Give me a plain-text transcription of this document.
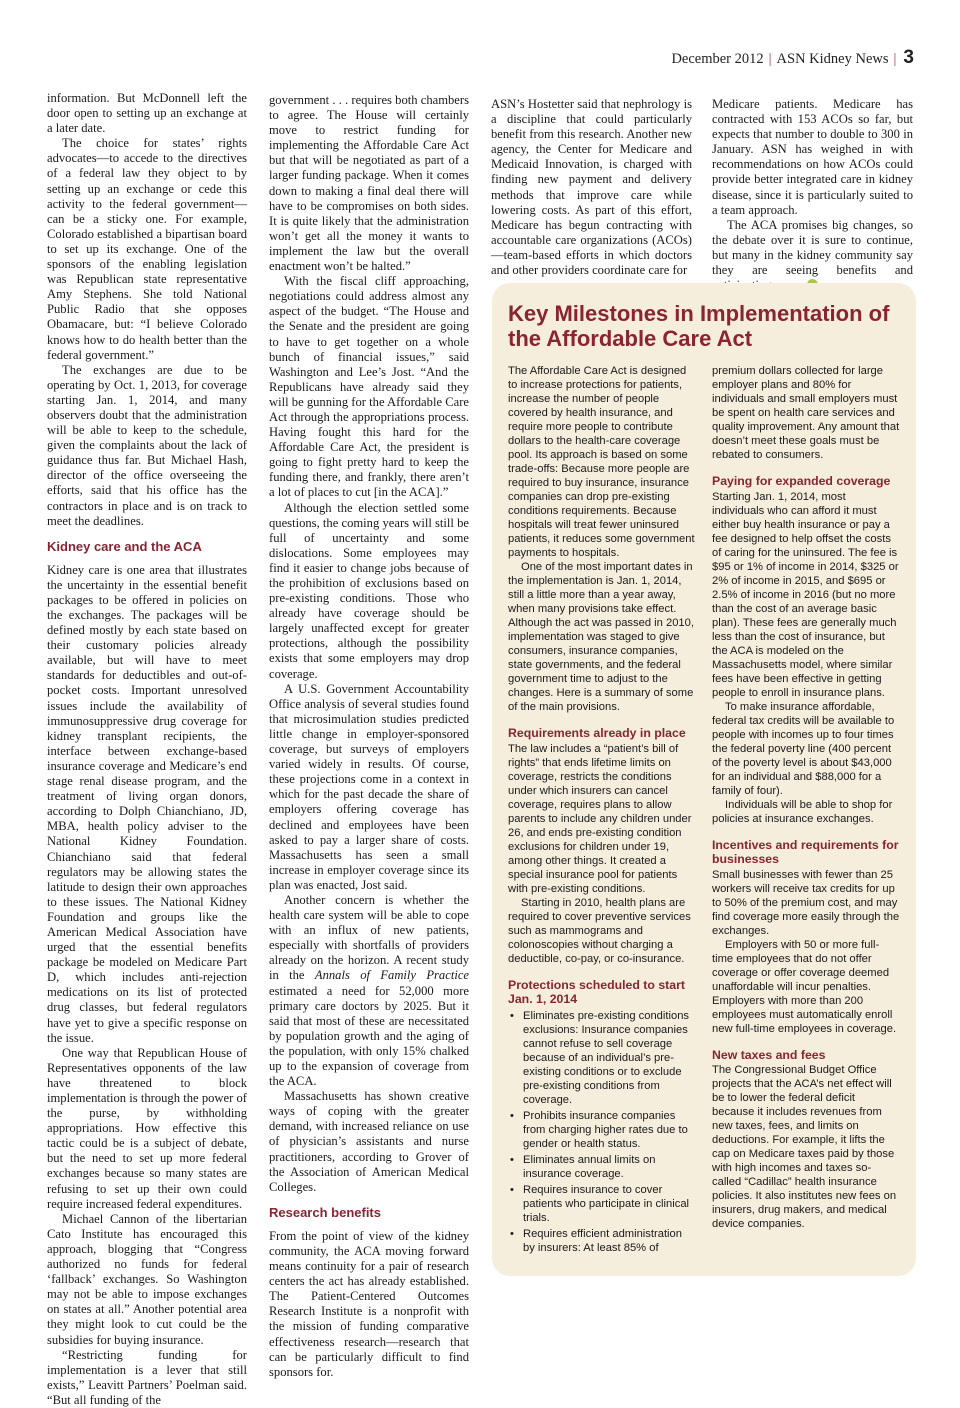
December 2012 | ASN Kidney News | 3

information. But McDonnell left the door open to setting up an exchange at a later date.

The choice for states’ rights advocates—to accede to the directives of a federal law they object to by setting up an exchange or cede this activity to the federal government—can be a sticky one. For example, Colorado established a bipartisan board to set up its exchange. One of the sponsors of the enabling legislation was Republican state representative Amy Stephens. She told National Public Radio that she opposes Obamacare, but: “I believe Colorado knows how to do health better than the federal government.”

The exchanges are due to be operating by Oct. 1, 2013, for coverage starting Jan. 1, 2014, and many observers doubt that the administration will be able to keep to the schedule, given the complaints about the lack of guidance thus far. But Michael Hash, director of the office overseeing the efforts, said that his office has the contractors in place and is on track to meet the deadlines.

Kidney care and the ACA

Kidney care is one area that illustrates the uncertainty in the essential benefit packages to be offered in policies on the exchanges. The packages will be defined mostly by each state based on their customary policies already available, but will have to meet standards for deductibles and out-of-pocket costs. Important unresolved issues include the availability of immunosuppressive drug coverage for kidney transplant recipients, the interface between exchange-based insurance coverage and Medicare’s end stage renal disease program, and the treatment of living organ donors, according to Dolph Chianchiano, JD, MBA, health policy adviser to the National Kidney Foundation. Chianchiano said that federal regulators may be allowing states the latitude to design their own approaches to these issues. The National Kidney Foundation and groups like the American Medical Association have urged that the essential benefits package be modeled on Medicare Part D, which includes anti-rejection medications on its list of protected drug classes, but federal regulators have yet to give a specific response on the issue.

One way that Republican House of Representatives opponents of the law have threatened to block implementation is through the power of the purse, by withholding appropriations. How effective this tactic could be is a subject of debate, but the need to set up more federal exchanges because so many states are refusing to set up their own could require increased federal expenditures.

Michael Cannon of the libertarian Cato Institute has encouraged this approach, blogging that “Congress authorized no funds for federal ‘fallback’ exchanges. So Washington may not be able to impose exchanges on states at all.” Another potential area they might look to cut could be the subsidies for buying insurance.

“Restricting funding for implementation is a lever that still exists,” Leavitt Partners’ Poelman said. “But all funding of the

government . . . requires both chambers to agree. The House will certainly move to restrict funding for implementing the Affordable Care Act but that will be negotiated as part of a larger funding package. When it comes down to making a final deal there will have to be compromises on both sides. It is quite likely that the administration won’t get all the money it wants to implement the law but the overall enactment won’t be halted.”

With the fiscal cliff approaching, negotiations could address almost any aspect of the budget. “The House and the Senate and the president are going to have to get together on a whole bunch of financial issues,” said Washington and Lee’s Jost. “And the Republicans have already said they will be gunning for the Affordable Care Act through the appropriations process. Having fought this hard for the Affordable Care Act, the president is going to fight pretty hard to keep the funding there, and frankly, there aren’t a lot of places to cut [in the ACA].”

Although the election settled some questions, the coming years will still be full of uncertainty and some dislocations. Some employees may find it easier to change jobs because of the prohibition of exclusions based on pre-existing conditions. Those who already have coverage should be largely unaffected except for greater protections, although the possibility exists that some employers may drop coverage.

A U.S. Government Accountability Office analysis of several studies found that microsimulation studies predicted little change in employer-sponsored coverage, but surveys of employers varied widely in results. Of course, these projections come in a context in which for the past decade the share of employers offering coverage has declined and employees have been asked to pay a larger share of costs. Massachusetts has seen a small increase in employer coverage since its plan was enacted, Jost said.

Another concern is whether the health care system will be able to cope with an influx of new patients, especially with shortfalls of providers already on the horizon. A recent study in the Annals of Family Practice estimated a need for 52,000 more primary care doctors by 2025. But it said that most of these are necessitated by population growth and the aging of the population, with only 15% chalked up to the expansion of coverage from the ACA.

Massachusetts has shown creative ways of coping with the greater demand, with increased reliance on use of physician’s assistants and nurse practitioners, according to Grover of the Association of American Medical Colleges.

Research benefits

From the point of view of the kidney community, the ACA moving forward means continuity for a pair of research centers the act has already established. The Patient-Centered Outcomes Research Institute is a nonprofit with the mission of funding comparative effectiveness research—research that can be particularly difficult to find sponsors for.

ASN’s Hostetter said that nephrology is a discipline that could particularly benefit from this research. Another new agency, the Center for Medicare and Medicaid Innovation, is charged with finding new payment and delivery methods that improve care while lowering costs. As part of this effort, Medicare has begun contracting with accountable care organizations (ACOs)—team-based efforts in which doctors and other providers coordinate care for

Medicare patients. Medicare has contracted with 153 ACOs so far, but expects that number to double to 300 in January. ASN has weighed in with recommendations on how ACOs could provide better integrated care in kidney disease, since it is particularly suited to a team approach.

The ACA promises big changes, so the debate over it is sure to continue, but many in the kidney community say they are seeing benefits and

Key Milestones in Implementation of the Affordable Care Act

The Affordable Care Act is designed to increase protections for patients, increase the number of people covered by health insurance, and require more people to contribute dollars to the health-care coverage pool. Its approach is based on some trade-offs: Because more people are required to buy insurance, insurance companies can drop pre-existing conditions requirements. Because hospitals will treat fewer uninsured patients, it reduces some government payments to hospitals.

One of the most important dates in the implementation is Jan. 1, 2014, still a little more than a year away, when many provisions take effect. Although the act was passed in 2010, implementation was staged to give consumers, insurance companies, state governments, and the federal government time to adjust to the changes. Here is a summary of some of the main provisions.

Requirements already in place

The law includes a “patient’s bill of rights” that ends lifetime limits on coverage, restricts the conditions under which insurers can cancel coverage, requires plans to allow parents to include any children under 26, and ends pre-existing condition exclusions for children under 19, among other things. It created a special insurance pool for patients with pre-existing conditions.

Starting in 2010, health plans are required to cover preventive services such as mammograms and colonoscopies without charging a deductible, co-pay, or co-insurance.

Protections scheduled to start Jan. 1, 2014
• Eliminates pre-existing conditions exclusions: Insurance companies cannot refuse to sell coverage because of an individual’s pre-existing conditions or to exclude pre-existing conditions from coverage.
• Prohibits insurance companies from charging higher rates due to gender or health status.
• Eliminates annual limits on insurance coverage.
• Requires insurance to cover patients who participate in clinical trials.
• Requires efficient administration by insurers: At least 85% of

premium dollars collected for large employer plans and 80% for individuals and small employers must be spent on health care services and quality improvement. Any amount that doesn’t meet these goals must be rebated to consumers.

Paying for expanded coverage

Starting Jan. 1, 2014, most individuals who can afford it must either buy health insurance or pay a fee designed to help offset the costs of caring for the uninsured. The fee is $95 or 1% of income in 2014, $325 or 2% of income in 2015, and $695 or 2.5% of income in 2016 (but no more than the cost of an average basic plan). These fees are generally much less than the cost of insurance, but the ACA is modeled on the Massachusetts model, where similar fees have been effective in getting people to enroll in insurance plans.

To make insurance affordable, federal tax credits will be available to people with incomes up to four times the federal poverty line (400 percent of the poverty level is about $43,000 for an individual and $88,000 for a family of four).

Individuals will be able to shop for policies at insurance exchanges.

Incentives and requirements for businesses

Small businesses with fewer than 25 workers will receive tax credits for up to 50% of the premium cost, and may find coverage more easily through the exchanges.

Employers with 50 or more full-time employees that do not offer coverage or offer coverage deemed unaffordable will incur penalties. Employers with more than 200 employees must automatically enroll new full-time employees in coverage.

New taxes and fees

The Congressional Budget Office projects that the ACA’s net effect will be to lower the federal deficit because it includes revenues from new taxes, fees, and limits on deductions. For example, it lifts the cap on Medicare taxes paid by those with high incomes and taxes so-called “Cadillac” health insurance policies. It also institutes new fees on insurers, drug makers, and medical device companies.
